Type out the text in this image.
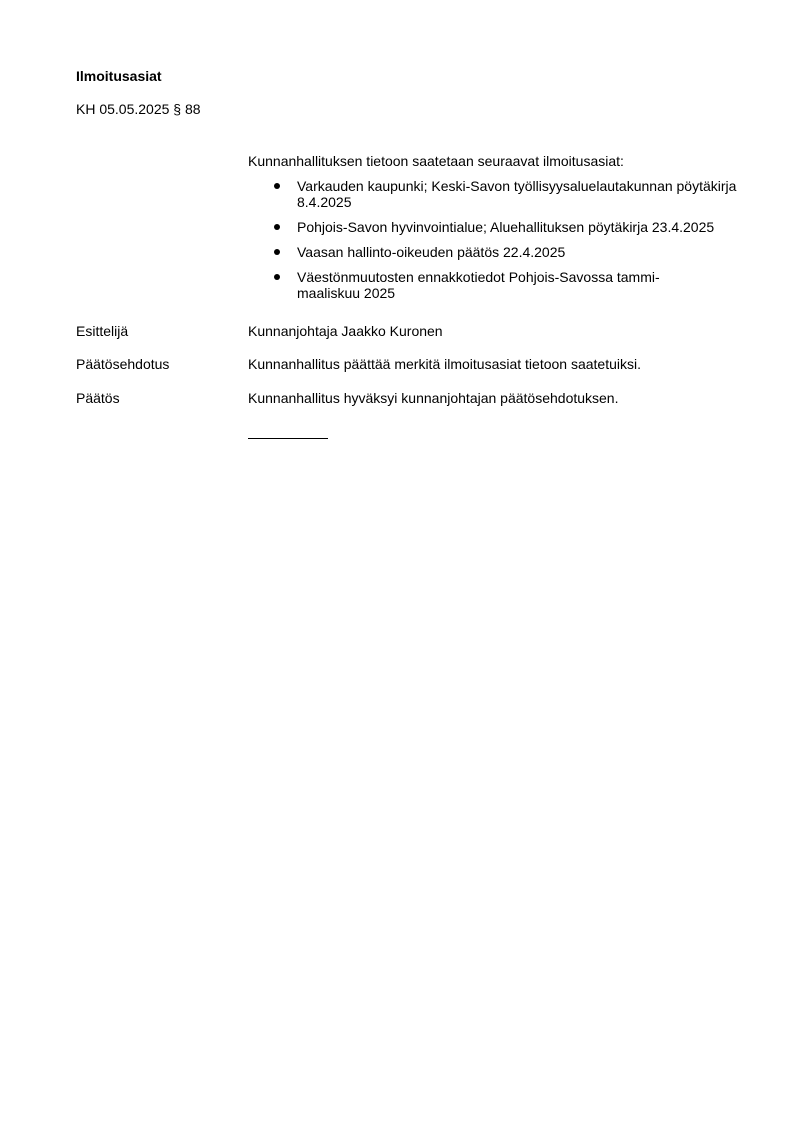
Ilmoitusasiat
KH 05.05.2025 § 88
Kunnanhallituksen tietoon saatetaan seuraavat ilmoitusasiat:
Varkauden kaupunki; Keski-Savon työllisyysaluelautakunnan pöytäkirja 8.4.2025
Pohjois-Savon hyvinvointialue; Aluehallituksen pöytäkirja 23.4.2025
Vaasan hallinto-oikeuden päätös 22.4.2025
Väestönmuutosten ennakkotiedot Pohjois-Savossa tammi-maaliskuu 2025
Esittelijä	Kunnanjohtaja Jaakko Kuronen
Päätösehdotus	Kunnanhallitus päättää merkitä ilmoitusasiat tietoon saatetuiksi.
Päätös	Kunnanhallitus hyväksyi kunnanjohtajan päätösehdotuksen.
